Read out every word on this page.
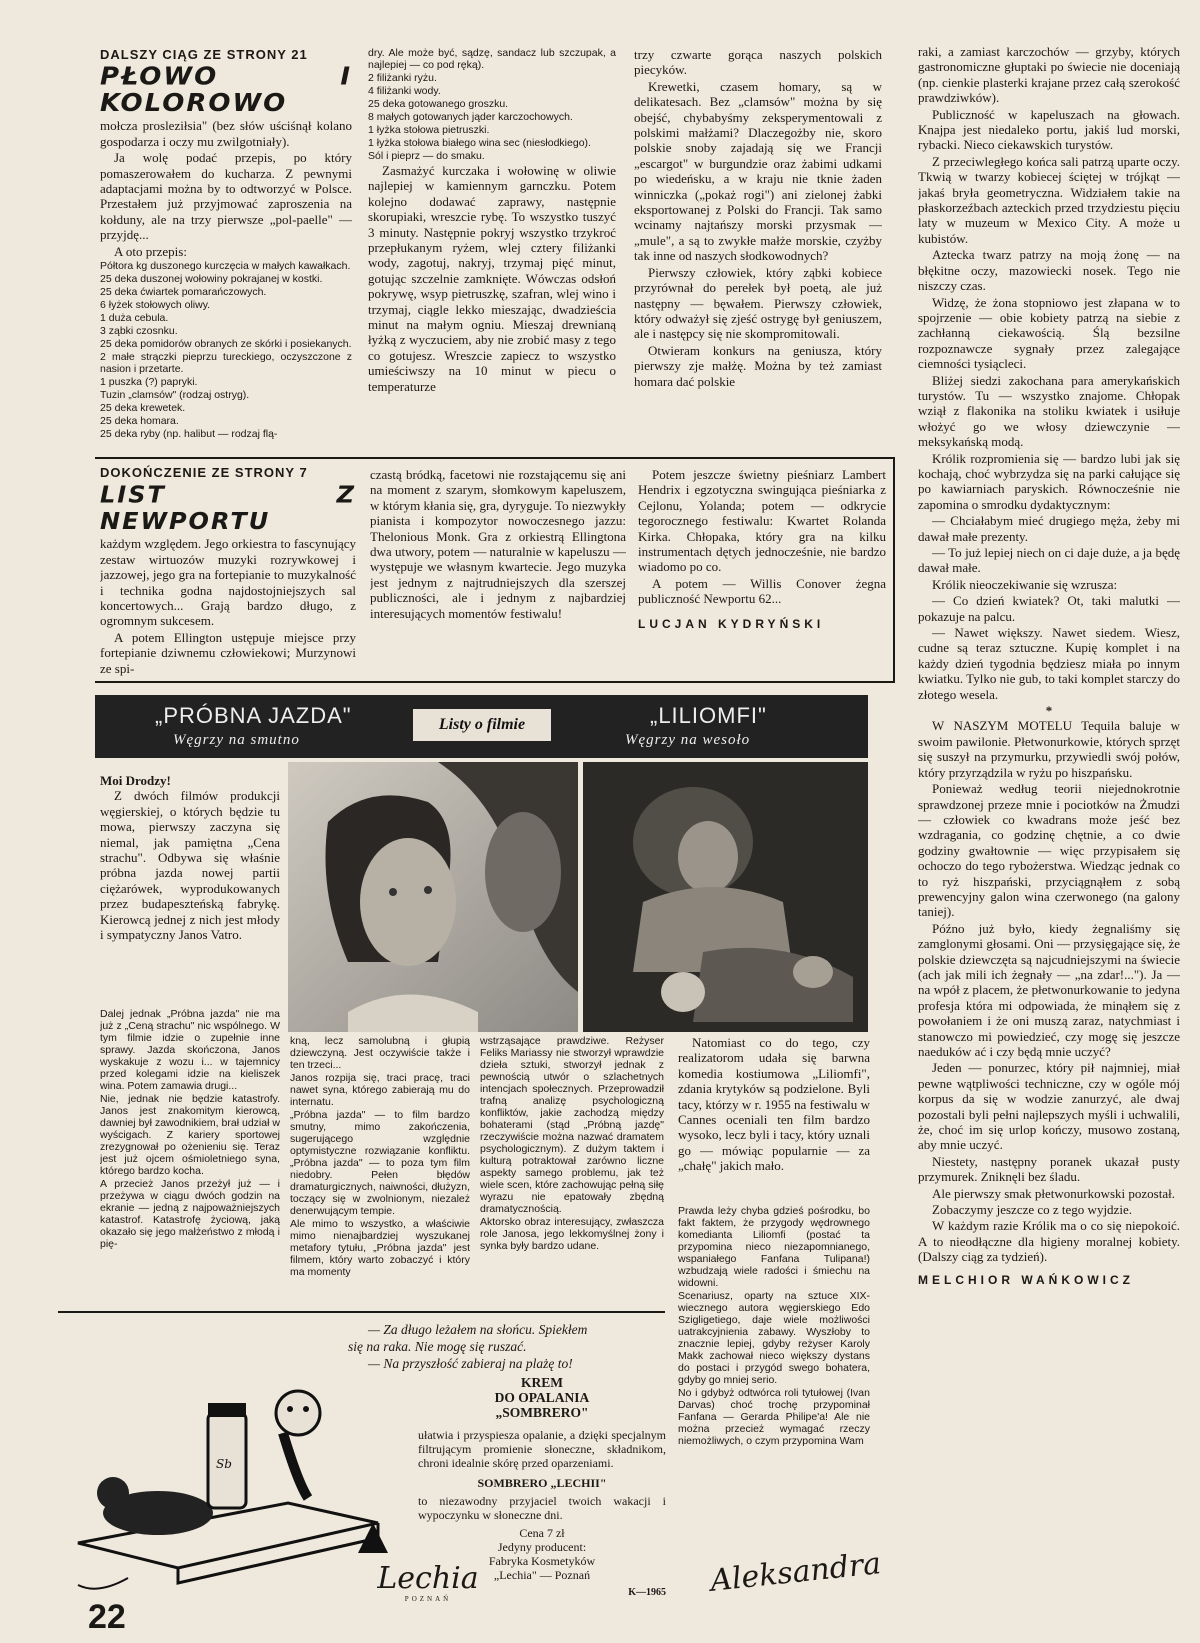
DALSZY CIĄG ZE STRONY 21
PŁOWO I KOLOROWO

mołcza prosleziłsia" (bez słów uściśnął kolano gospodarza i oczy mu zwilgotniały).

Ja wolę podać przepis, po który pomaszerowałem do kucharza. Z pewnymi adaptacjami można by to odtworzyć w Polsce. Przestałem już przyjmować zaproszenia na kołduny, ale na trzy pierwsze „pol-paelle" — przyjdę...

A oto przepis:

Półtora kg duszonego kurczęcia w małych kawałkach.

25 deka duszonej wołowiny pokrajanej w kostki.

25 deka ćwiartek pomarańczowych.

6 łyżek stołowych oliwy.

1 duża cebula.

3 ząbki czosnku.

25 deka pomidorów obranych ze skórki i posiekanych.

2 małe strączki pieprzu tureckiego, oczyszczone z nasion i przetarte.

1 puszka (?) papryki.

Tuzin „clamsów" (rodzaj ostryg).

25 deka krewetek.

25 deka homara.

25 deka ryby (np. halibut — rodzaj flą-

dry. Ale może być, sądzę, sandacz lub szczupak, a najlepiej — co pod ręką).

2 filiżanki ryżu.

4 filiżanki wody.

25 deka gotowanego groszku.

8 małych gotowanych jąder karczochowych.

1 łyżka stołowa pietruszki.

1 łyżka stołowa białego wina sec (niesłodkiego).

Sól i pieprz — do smaku.

Zasmażyć kurczaka i wołowinę w oliwie najlepiej w kamiennym garnczku. Potem kolejno dodawać zaprawy, następnie skorupiaki, wreszcie rybę. To wszystko tuszyć 3 minuty. Następnie pokryj wszystko trzykroć przepłukanym ryżem, wlej cztery filiżanki wody, zagotuj, nakryj, trzymaj pięć minut, gotując szczelnie zamknięte. Wówczas odsłoń pokrywę, wsyp pietruszkę, szafran, wlej wino i trzymaj, ciągle lekko mieszając, dwadzieścia minut na małym ogniu. Mieszaj drewnianą łyżką z wyczuciem, aby nie zrobić masy z tego co gotujesz. Wreszcie zapiecz to wszystko umieściwszy na 10 minut w piecu o temperaturze

trzy czwarte gorąca naszych polskich piecyków.

Krewetki, czasem homary, są w delikatesach. Bez „clamsów" można by się obejść, chybabyśmy zeksperymentowali z polskimi małżami? Dlaczegożby nie, skoro polskie snoby zajadają się we Francji „escargot" w burgundzie oraz żabimi udkami po wiedeńsku, a w kraju nie tknie żaden winniczka („pokaż rogi") ani zielonej żabki eksportowanej z Polski do Francji. Tak samo wcinamy najtańszy morski przysmak — „mule", a są to zwykłe małże morskie, czyżby tak inne od naszych słodkowodnych?

Pierwszy człowiek, który ząbki kobiece przyrównał do perełek był poetą, ale już następny — bęwałem. Pierwszy człowiek, który odważył się zjeść ostrygę był geniuszem, ale i następcy się nie skompromitowali.

Otwieram konkurs na geniusza, który pierwszy zje małżę. Można by też zamiast homara dać polskie

DOKOŃCZENIE ZE STRONY 7
LIST Z NEWPORTU

każdym względem. Jego orkiestra to fascynujący zestaw wirtuozów muzyki rozrywkowej i jazzowej, jego gra na fortepianie to muzykalność i technika godna najdostojniejszych sal koncertowych... Grają bardzo długo, z ogromnym sukcesem.

A potem Ellington ustępuje miejsce przy fortepianie dziwnemu człowiekowi; Murzynowi ze spi-

czastą bródką, facetowi nie rozstającemu się ani na moment z szarym, słomkowym kapeluszem, w którym kłania się, gra, dyryguje. To niezwykły pianista i kompozytor nowoczesnego jazzu: Thelonious Monk. Gra z orkiestrą Ellingtona dwa utwory, potem — naturalnie w kapeluszu — występuje we własnym kwartecie. Jego muzyka jest jednym z najtrudniejszych dla szerszej publiczności, ale i jednym z najbardziej interesujących momentów festiwalu!

Potem jeszcze świetny pieśniarz Lambert Hendrix i egzotyczna swingująca pieśniarka z Cejlonu, Yolanda; potem — odkrycie tegorocznego festiwalu: Kwartet Rolanda Kirka. Chłopaka, który gra na kilku instrumentach dętych jednocześnie, nie bardzo wiadomo po co.

A potem — Willis Conover żegna publiczność Newportu 62...

LUCJAN KYDRYŃSKI

raki, a zamiast karczochów — grzyby, których gastronomiczne głuptaki po świecie nie doceniają (np. cienkie plasterki krajane przez całą szerokość prawdziwków).

Publiczność w kapeluszach na głowach. Knajpa jest niedaleko portu, jakiś lud morski, rybacki. Nieco ciekawskich turystów.

Z przeciwległego końca sali patrzą uparte oczy. Tkwią w twarzy kobiecej ściętej w trójkąt — jakaś bryła geometryczna. Widziałem takie na płaskorzeźbach azteckich przed trzydziestu pięciu laty w muzeum w Mexico City. A może u kubistów.

Aztecka twarz patrzy na moją żonę — na błękitne oczy, mazowiecki nosek. Tego nie niszczy czas.

Widzę, że żona stopniowo jest złapana w to spojrzenie — obie kobiety patrzą na siebie z zachłanną ciekawością. Ślą bezsilne rozpoznawcze sygnały przez zalegające ciemności tysiącleci.

Bliżej siedzi zakochana para amerykańskich turystów. Tu — wszystko znajome. Chłopak wziął z flakonika na stoliku kwiatek i usiłuje włożyć go we włosy dziewczynie — meksykańską modą.

Królik rozpromienia się — bardzo lubi jak się kochają, choć wybrzydza się na parki całujące się po kawiarniach paryskich. Równocześnie nie zapomina o smrodku dydaktycznym:

— Chciałabym mieć drugiego męża, żeby mi dawał małe prezenty.

— To już lepiej niech on ci daje duże, a ja będę dawał małe.

Królik nieoczekiwanie się wzrusza:

— Co dzień kwiatek? Ot, taki malutki — pokazuje na palcu.

— Nawet większy. Nawet siedem. Wiesz, cudne są teraz sztuczne. Kupię komplet i na każdy dzień tygodnia będziesz miała po innym kwiatku. Tylko nie gub, to taki komplet starczy do złotego wesela.

*

W NASZYM MOTELU Tequila baluje w swoim pawilonie. Płetwonurkowie, których sprzęt się suszył na przymurku, przywiedli swój połów, który przyrządzila w ryżu po hiszpańsku.

Ponieważ według teorii niejednokrotnie sprawdzonej przeze mnie i pociotków na Żmudzi — człowiek co kwadrans może jeść bez wzdragania, co godzinę chętnie, a co dwie godziny gwałtownie — więc przypisałem się ochoczo do tego rybożerstwa. Wiedząc jednak co to ryż hiszpański, przyciągnąłem z sobą prewencyjny galon wina czerwonego (na galony taniej).

Późno już było, kiedy żegnaliśmy się zamglonymi głosami. Oni — przysięgające się, że polskie dziewczęta są najcudniejszymi na świecie (ach jak mili ich żegnały — „na zdar!..."). Ja — na wpół z placem, że płetwonurkowanie to jedyna profesja która mi odpowiada, że minąłem się z powołaniem i że oni muszą zaraz, natychmiast i stanowczo mi powiedzieć, czy mogę się jeszcze naeduków ać i czy będą mnie uczyć?

Jeden — ponurzec, który pił najmniej, miał pewne wątpliwości techniczne, czy w ogóle mój korpus da się w wodzie zanurzyć, ale dwaj pozostali byli pełni najlepszych myśli i uchwalili, że, choć im się urlop kończy, musowo zostaną, aby mnie uczyć.

Niestety, następny poranek ukazał pusty przymurek. Zniknęli bez śladu.

Ale pierwszy smak płetwonurkowski pozostał.

Zobaczymy jeszcze co z tego wyjdzie.

W każdym razie Królik ma o co się niepokoić. A to nieodłączne dla higieny moralnej kobiety. (Dalszy ciąg za tydzień).

MELCHIOR WAŃKOWICZ
„PRÓBNA JAZDA"
Węgrzy na smutno
Listy o filmie	„LILIOMFI"
Węgrzy na wesoło
Moi Drodzy!

Z dwóch filmów produkcji węgierskiej, o których będzie tu mowa, pierwszy zaczyna się niemal, jak pamiętna „Cena strachu". Odbywa się właśnie próbna jazda nowej partii ciężarówek, wyprodukowanych przez budapeszteńską fabrykę. Kierowcą jednej z nich jest młody i sympatyczny Janos Vatro.

Dalej jednak „Próbna jazda" nie ma już z „Ceną strachu" nic wspólnego. W tym filmie idzie o zupełnie inne sprawy. Jazda skończona, Janos wyskakuje z wozu i... w tajemnicy przed kolegami idzie na kieliszek wina. Potem zamawia drugi...

Nie, jednak nie będzie katastrofy. Janos jest znakomitym kierowcą, dawniej był zawodnikiem, brał udział w wyścigach. Z kariery sportowej zrezygnował po ożenieniu się. Teraz jest już ojcem ośmioletniego syna, którego bardzo kocha.

A przecież Janos przeżył już — i przeżywa w ciągu dwóch godzin na ekranie — jedną z najpoważniejszych katastrof. Katastrofę życiową, jaką okazało się jego małżeństwo z młodą i pię-

kną, lecz samolubną i głupią dziewczyną. Jest oczywiście także i ten trzeci...

Janos rozpija się, traci pracę, traci nawet syna, którego zabierają mu do internatu.

„Próbna jazda" — to film bardzo smutny, mimo zakończenia, sugerującego względnie optymistyczne rozwiązanie konfliktu. „Próbna jazda" — to poza tym film niedobry. Pełen błędów dramaturgicznych, naiwności, dłużyzn, toczący się w zwolnionym, niezależ denerwującym tempie.

Ale mimo to wszystko, a właściwie mimo nienajbardziej wyszukanej metafory tytułu, „Próbna jazda" jest filmem, który warto zobaczyć i który ma momenty

wstrząsające prawdziwe. Reżyser Feliks Mariassy nie stworzył wprawdzie dzieła sztuki, stworzył jednak z pewnością utwór o szlachetnych intencjach społecznych. Przeprowadził trafną analizę psychologiczną konfliktów, jakie zachodzą między bohaterami (stąd „Próbną jazdę" rzeczywiście można nazwać dramatem psychologicznym). Z dużym taktem i kulturą potraktował zarówno liczne aspekty samego problemu, jak też wiele scen, które zachowując pełną siłę wyrazu nie epatowały zbędną dramatycznością.

Aktorsko obraz interesujący, zwłaszcza role Janosa, jego lekkomyślnej żony i synka były bardzo udane.

Natomiast co do tego, czy realizatorom udała się barwna komedia kostiumowa „Liliomfi", zdania krytyków są podzielone. Byli tacy, którzy w r. 1955 na festiwalu w Cannes oceniali ten film bardzo wysoko, lecz byli i tacy, który uznali go — mówiąc popularnie — za „chałę" jakich mało.

Prawda leży chyba gdzieś pośrodku, bo fakt faktem, że przygody wędrownego komedianta Liliomfi (postać ta przypomina nieco niezapomnianego, wspaniałego Fanfana Tulipana!) wzbudzają wiele radości i śmiechu na widowni.

Scenariusz, oparty na sztuce XIX-wiecznego autora węgierskiego Edo Szigligetiego, daje wiele możliwości uatrakcyjnienia zabawy. Wyszłoby to znacznie lepiej, gdyby reżyser Karoly Makk zachował nieco większy dystans do postaci i przygód swego bohatera, gdyby go mniej serio.

No i gdybyż odtwórca roli tytułowej (Ivan Darvas) choć trochę przypominał Fanfana — Gerarda Philipe'a! Ale nie można przecież wymagać rzeczy niemożliwych, o czym przypomina Wam

Aleksandra
— Za długo leżałem na słońcu. Spiekłem
się na raka. Nie mogę się ruszać.
— Na przyszłość zabieraj na plażę to!
Sb
KREM
DO OPALANIA
„SOMBRERO"

ułatwia i przyspiesza opalanie, a dzięki specjalnym filtrującym promienie słoneczne, składnikom, chroni idealnie skórę przed oparzeniami.

SOMBRERO „LECHII"

to niezawodny przyjaciel twoich wakacji i wypoczynku w słoneczne dni.

Cena 7 zł
Jedyny producent:
Fabryka Kosmetyków
„Lechia" — Poznań
K—1965
Lechia
POZNAŃ
22
